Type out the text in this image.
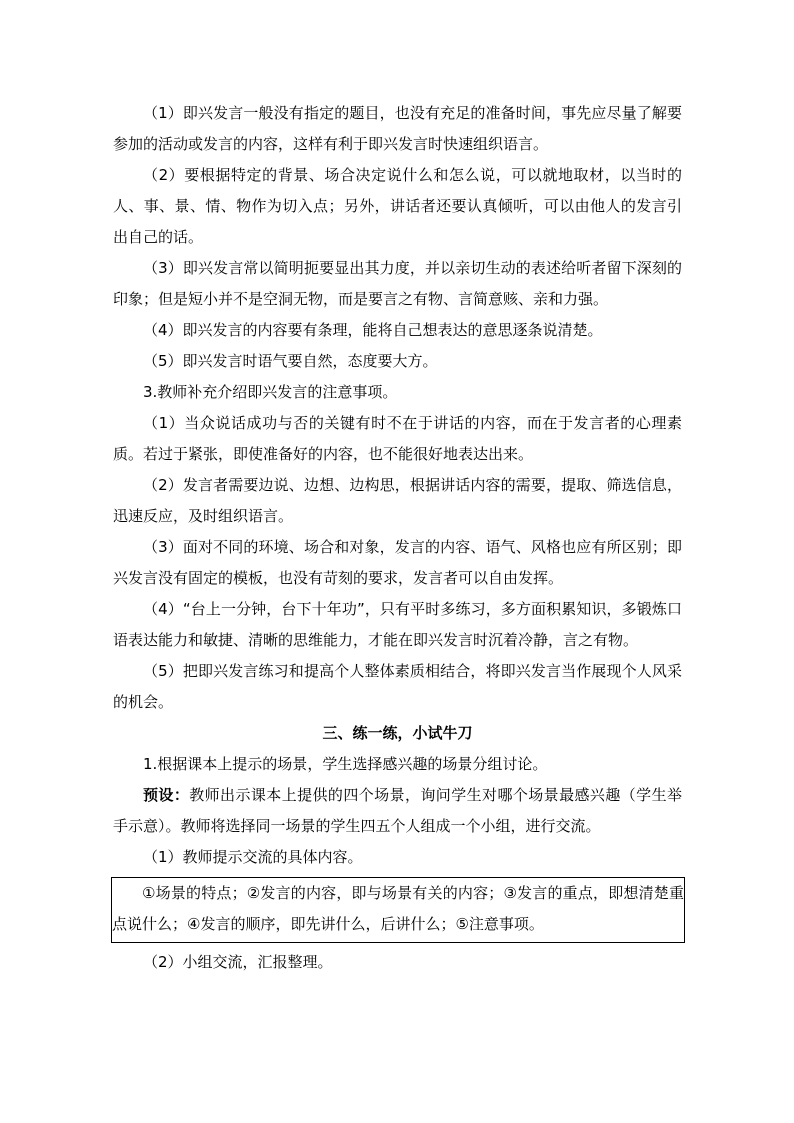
（1）即兴发言一般没有指定的题目，也没有充足的准备时间，事先应尽量了解要参加的活动或发言的内容，这样有利于即兴发言时快速组织语言。

（2）要根据特定的背景、场合决定说什么和怎么说，可以就地取材，以当时的人、事、景、情、物作为切入点；另外，讲话者还要认真倾听，可以由他人的发言引出自己的话。

（3）即兴发言常以简明扼要显出其力度，并以亲切生动的表述给听者留下深刻的印象；但是短小并不是空洞无物，而是要言之有物、言简意赅、亲和力强。

（4）即兴发言的内容要有条理，能将自己想表达的意思逐条说清楚。

（5）即兴发言时语气要自然，态度要大方。

3.教师补充介绍即兴发言的注意事项。

（1）当众说话成功与否的关键有时不在于讲话的内容，而在于发言者的心理素质。若过于紧张，即使准备好的内容，也不能很好地表达出来。

（2）发言者需要边说、边想、边构思，根据讲话内容的需要，提取、筛选信息，迅速反应，及时组织语言。

（3）面对不同的环境、场合和对象，发言的内容、语气、风格也应有所区别；即兴发言没有固定的模板，也没有苛刻的要求，发言者可以自由发挥。

（4）“台上一分钟，台下十年功”，只有平时多练习，多方面积累知识，多锻炼口语表达能力和敏捷、清晰的思维能力，才能在即兴发言时沉着冷静，言之有物。

（5）把即兴发言练习和提高个人整体素质相结合，将即兴发言当作展现个人风采的机会。

三、练一练，小试牛刀

1.根据课本上提示的场景，学生选择感兴趣的场景分组讨论。

预设：教师出示课本上提供的四个场景，询问学生对哪个场景最感兴趣（学生举手示意）。教师将选择同一场景的学生四五个人组成一个小组，进行交流。

（1）教师提示交流的具体内容。

①场景的特点；②发言的内容，即与场景有关的内容；③发言的重点，即想清楚重点说什么；④发言的顺序，即先讲什么，后讲什么；⑤注意事项。

（2）小组交流，汇报整理。
